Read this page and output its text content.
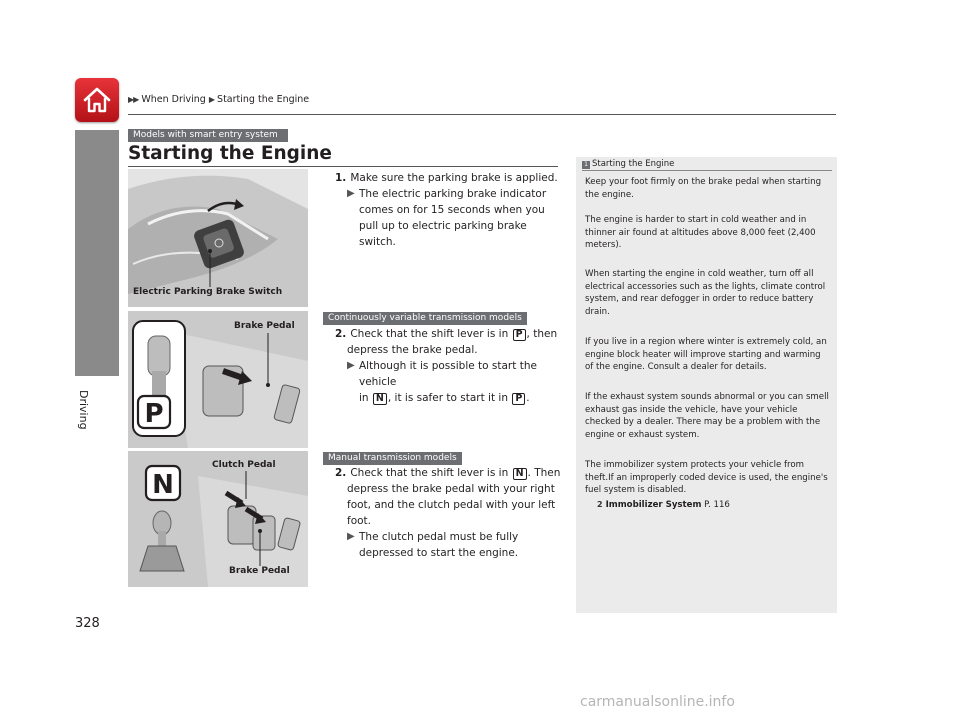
▶▶ When Driving ▶ Starting the Engine
Driving
Models with smart entry system
Starting the Engine
Electric Parking Brake Switch
P
Brake Pedal
N
Clutch Pedal
Brake Pedal
1. Make sure the parking brake is applied.
▶ The electric parking brake indicator comes on for 15 seconds when you pull up to electric parking brake switch.
Continuously variable transmission models
2. Check that the shift lever is in P , then
depress the brake pedal.
▶ Although it is possible to start the vehicle
in N , it is safer to start it in P .
Manual transmission models
2. Check that the shift lever is in N . Then
depress the brake pedal with your right foot, and the clutch pedal with your left foot.
▶ The clutch pedal must be fully depressed to start the engine.
1 Starting the Engine
Keep your foot firmly on the brake pedal when starting the engine.
The engine is harder to start in cold weather and in thinner air found at altitudes above 8,000 feet (2,400 meters).
When starting the engine in cold weather, turn off all electrical accessories such as the lights, climate control system, and rear defogger in order to reduce battery drain.
If you live in a region where winter is extremely cold, an engine block heater will improve starting and warming of the engine. Consult a dealer for details.
If the exhaust system sounds abnormal or you can smell exhaust gas inside the vehicle, have your vehicle checked by a dealer. There may be a problem with the engine or exhaust system.
The immobilizer system protects your vehicle from theft.If an improperly coded device is used, the engine's fuel system is disabled.
2 Immobilizer System P. 116
328
carmanualsonline.info
